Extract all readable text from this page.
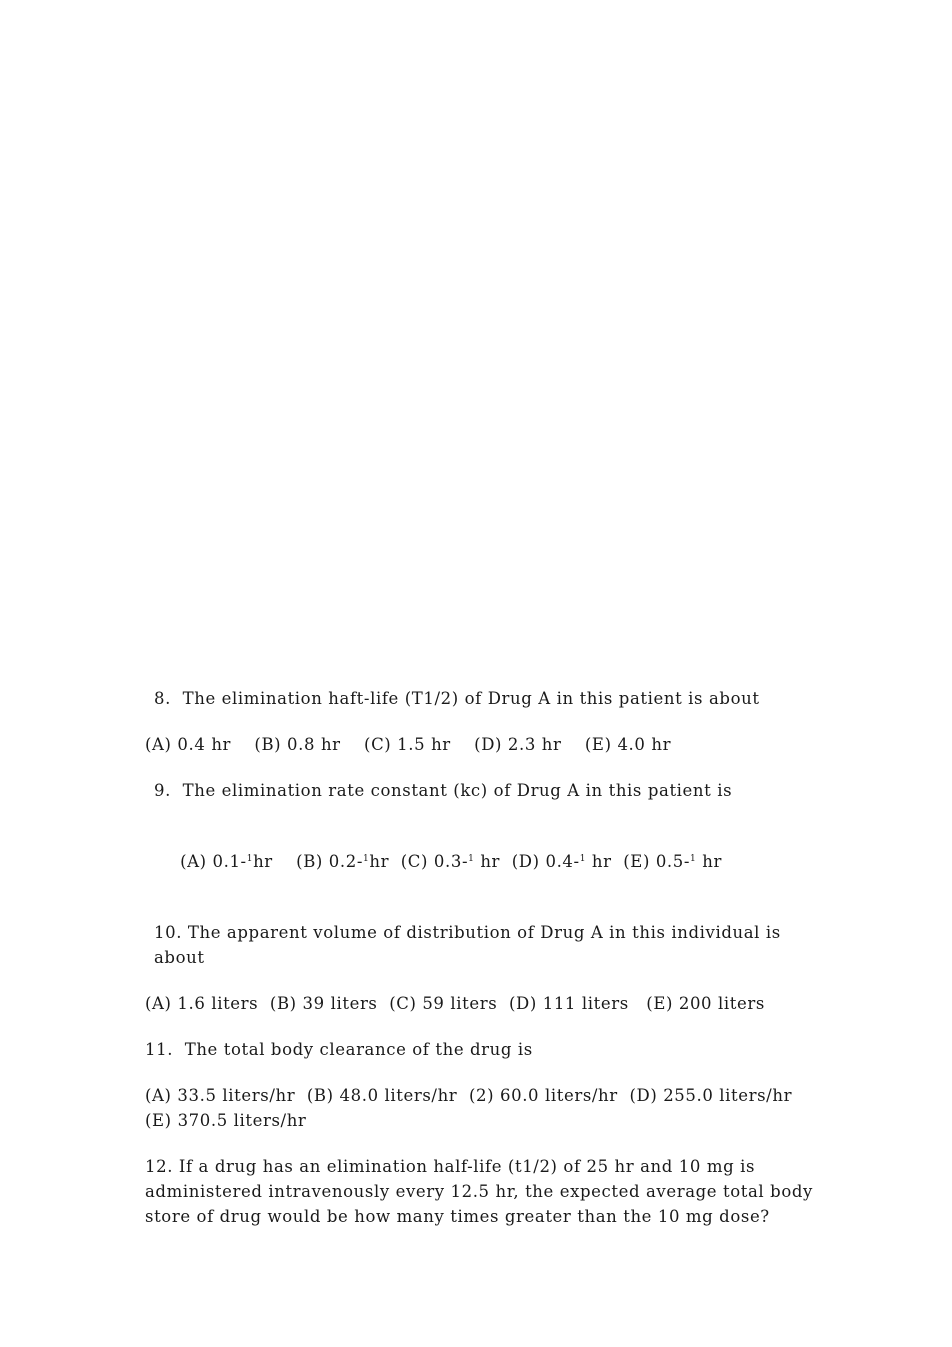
8.  The elimination haft-life (T1/2) of Drug A in this patient is about

(A) 0.4 hr    (B) 0.8 hr    (C) 1.5 hr    (D) 2.3 hr    (E) 4.0 hr

9.  The elimination rate constant (kc) of Drug A in this patient is

(A) 0.1-$^1$hr    (B) 0.2-$^1$hr  (C) 0.3-$^1$ hr  (D) 0.4-$^1$ hr  (E) 0.5-$^1$ hr

10. The apparent volume of distribution of Drug A in this individual is about

(A) 1.6 liters  (B) 39 liters  (C) 59 liters  (D) 111 liters   (E) 200 liters

11.  The total body clearance of the drug is

(A) 33.5 liters/hr  (B) 48.0 liters/hr  (2) 60.0 liters/hr  (D) 255.0 liters/hr  (E) 370.5 liters/hr

12. If a drug has an elimination half-life (t1/2) of 25 hr and 10 mg is administered intravenously every 12.5 hr, the expected average total body store of drug would be how many times greater than the 10 mg dose?
